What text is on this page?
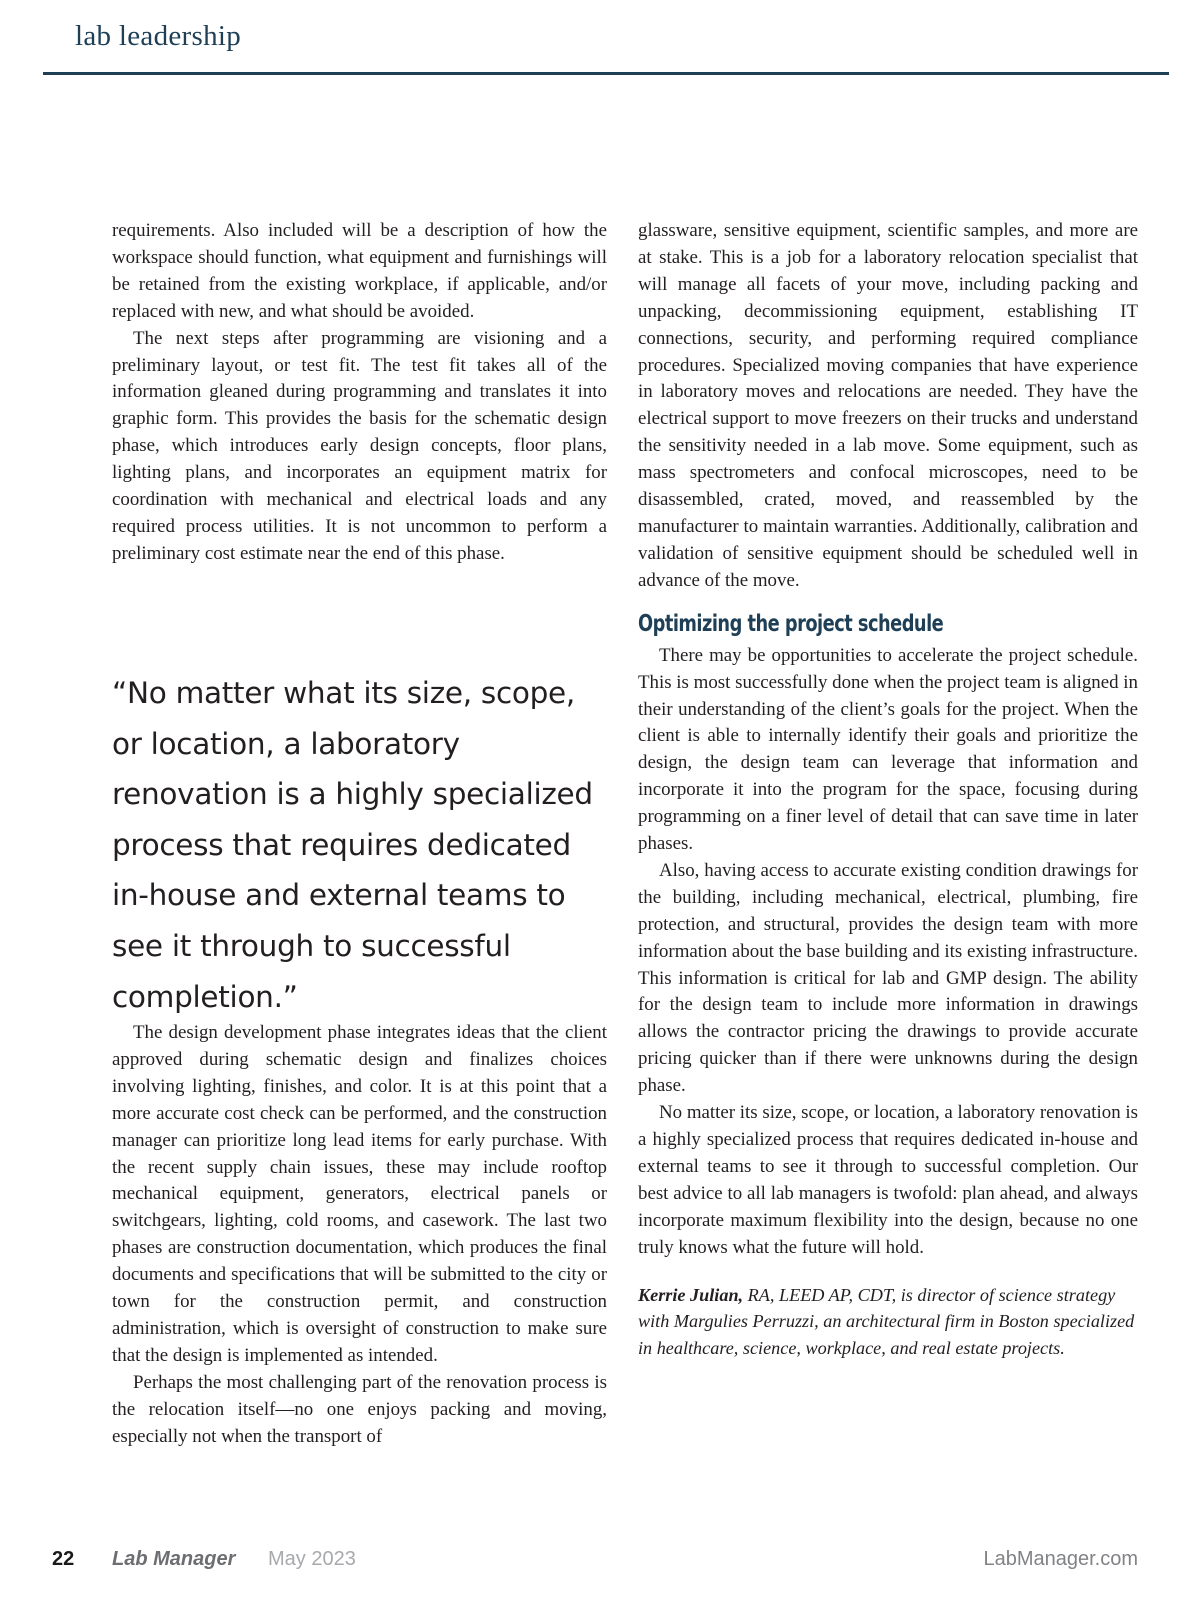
lab leadership

requirements. Also included will be a description of how the workspace should function, what equipment and furnishings will be retained from the existing workplace, if applicable, and/or replaced with new, and what should be avoided.

The next steps after programming are visioning and a preliminary layout, or test fit. The test fit takes all of the information gleaned during programming and translates it into graphic form. This provides the basis for the schematic design phase, which introduces early design concepts, floor plans, lighting plans, and incorporates an equipment matrix for coordination with mechanical and electrical loads and any required process utilities. It is not uncommon to perform a preliminary cost estimate near the end of this phase.

“No matter what its size, scope, or location, a laboratory renovation is a highly specialized process that requires dedicated in-house and external teams to see it through to successful completion.”

The design development phase integrates ideas that the client approved during schematic design and finalizes choices involving lighting, finishes, and color. It is at this point that a more accurate cost check can be performed, and the construction manager can prioritize long lead items for early purchase. With the recent supply chain issues, these may include rooftop mechanical equipment, generators, electrical panels or switchgears, lighting, cold rooms, and casework. The last two phases are construction documentation, which produces the final documents and specifications that will be submitted to the city or town for the construction permit, and construction administration, which is oversight of construction to make sure that the design is implemented as intended.

Perhaps the most challenging part of the renovation process is the relocation itself—no one enjoys packing and moving, especially not when the transport of

glassware, sensitive equipment, scientific samples, and more are at stake. This is a job for a laboratory relocation specialist that will manage all facets of your move, including packing and unpacking, decommissioning equipment, establishing IT connections, security, and performing required compliance procedures. Specialized moving companies that have experience in laboratory moves and relocations are needed. They have the electrical support to move freezers on their trucks and understand the sensitivity needed in a lab move. Some equipment, such as mass spectrometers and confocal microscopes, need to be disassembled, crated, moved, and reassembled by the manufacturer to maintain warranties. Additionally, calibration and validation of sensitive equipment should be scheduled well in advance of the move.

Optimizing the project schedule

There may be opportunities to accelerate the project schedule. This is most successfully done when the project team is aligned in their understanding of the client’s goals for the project. When the client is able to internally identify their goals and prioritize the design, the design team can leverage that information and incorporate it into the program for the space, focusing during programming on a finer level of detail that can save time in later phases.

Also, having access to accurate existing condition drawings for the building, including mechanical, electrical, plumbing, fire protection, and structural, provides the design team with more information about the base building and its existing infrastructure. This information is critical for lab and GMP design. The ability for the design team to include more information in drawings allows the contractor pricing the drawings to provide accurate pricing quicker than if there were unknowns during the design phase.

No matter its size, scope, or location, a laboratory renovation is a highly specialized process that requires dedicated in-house and external teams to see it through to successful completion. Our best advice to all lab managers is twofold: plan ahead, and always incorporate maximum flexibility into the design, because no one truly knows what the future will hold.

Kerrie Julian, RA, LEED AP, CDT, is director of science strategy with Margulies Perruzzi, an architectural firm in Boston specialized in healthcare, science, workplace, and real estate projects.

22 Lab Manager May 2023	LabManager.com
